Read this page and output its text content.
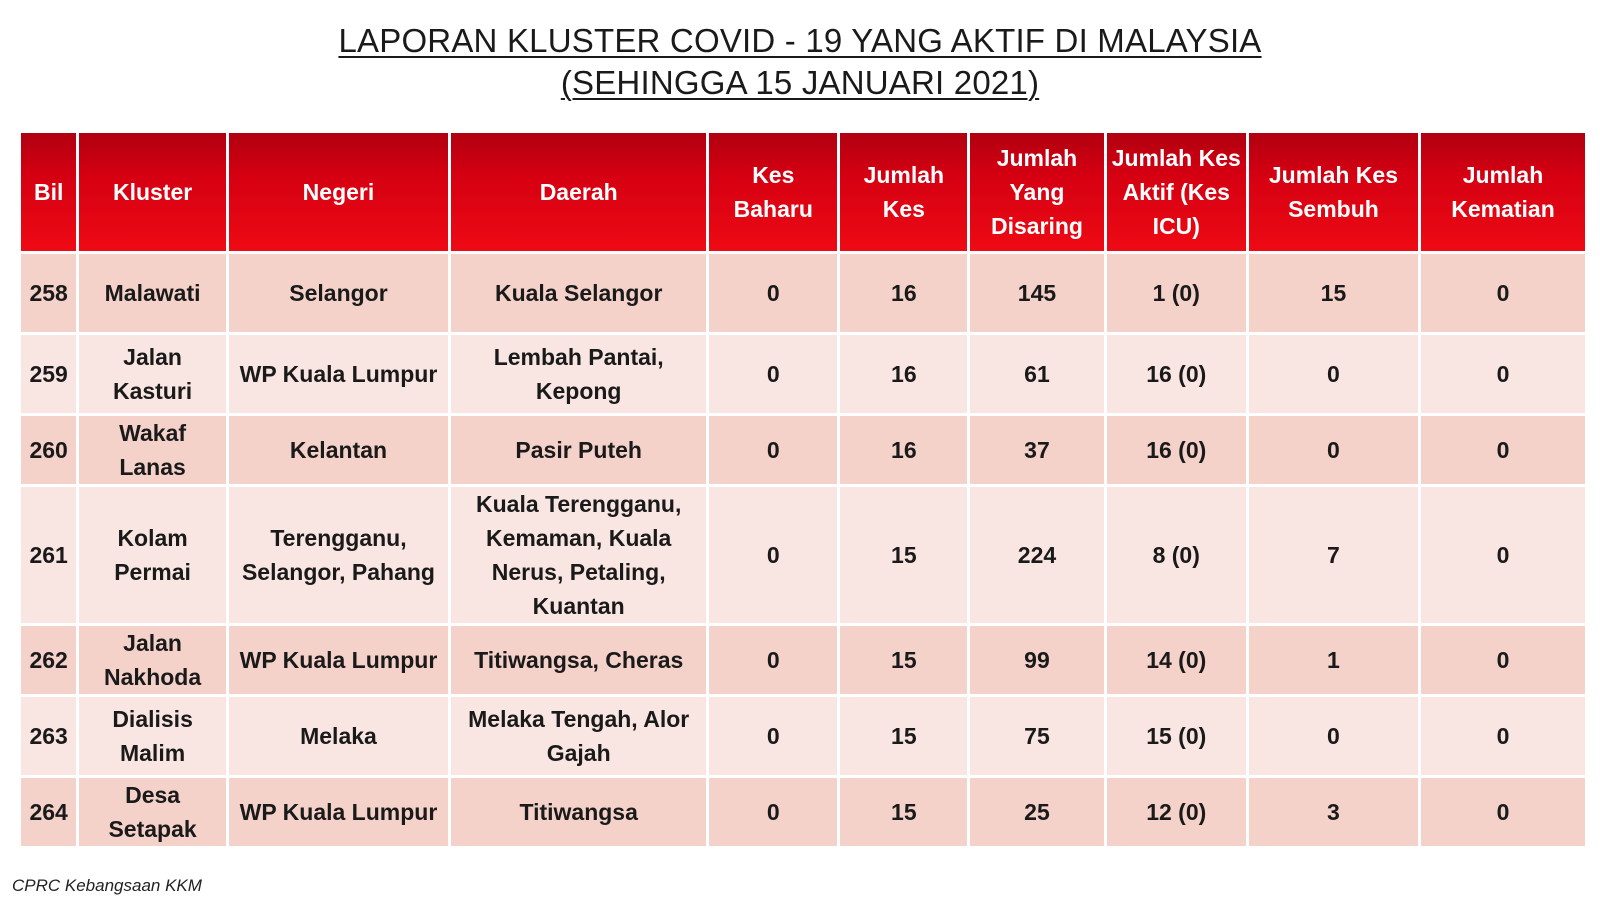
LAPORAN KLUSTER COVID - 19 YANG AKTIF DI MALAYSIA
(SEHINGGA 15 JANUARI 2021)
Bil	Kluster	Negeri	Daerah	Kes Baharu	Jumlah Kes	Jumlah Yang Disaring	Jumlah Kes Aktif (Kes ICU)	Jumlah Kes Sembuh	Jumlah Kematian
258	Malawati	Selangor	Kuala Selangor	0	16	145	1 (0)	15	0
259	Jalan Kasturi	WP Kuala Lumpur	Lembah Pantai, Kepong	0	16	61	16 (0)	0	0
260	Wakaf Lanas	Kelantan	Pasir Puteh	0	16	37	16 (0)	0	0
261	Kolam Permai	Terengganu, Selangor, Pahang	Kuala Terengganu, Kemaman, Kuala Nerus, Petaling, Kuantan	0	15	224	8 (0)	7	0
262	Jalan Nakhoda	WP Kuala Lumpur	Titiwangsa, Cheras	0	15	99	14 (0)	1	0
263	Dialisis Malim	Melaka	Melaka Tengah, Alor Gajah	0	15	75	15 (0)	0	0
264	Desa Setapak	WP Kuala Lumpur	Titiwangsa	0	15	25	12 (0)	3	0
CPRC Kebangsaan KKM
